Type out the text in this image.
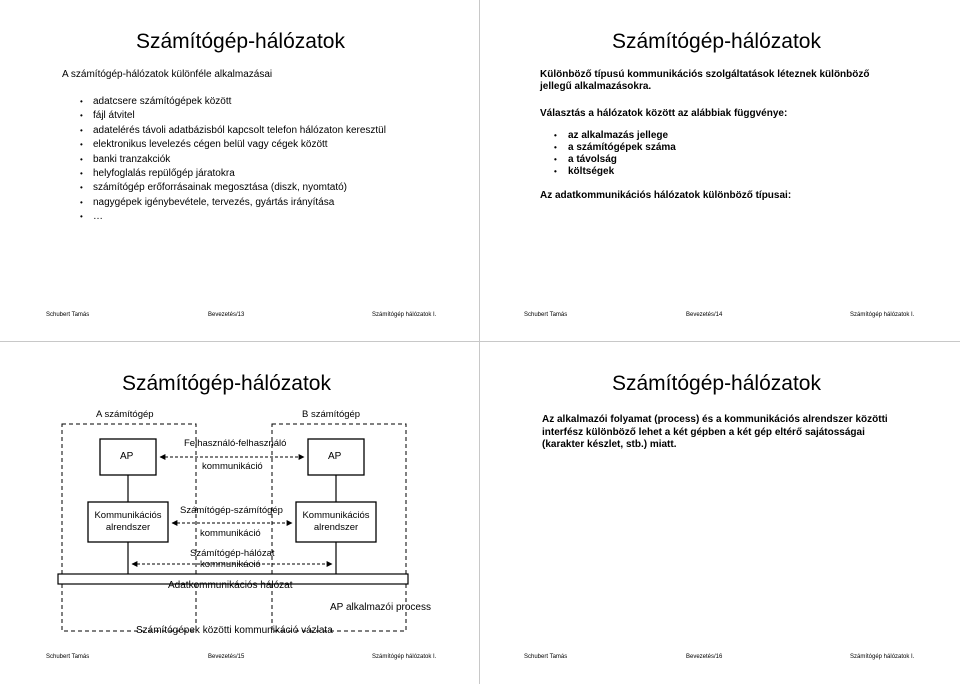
Számítógép-hálózatok
A számítógép-hálózatok különféle alkalmazásai
• adatcsere számítógépek között
• fájl átvitel
• adatelérés távoli adatbázisból kapcsolt telefon hálózaton keresztül
• elektronikus levelezés cégen belül vagy cégek között
• banki tranzakciók
• helyfoglalás repülőgép járatokra
• számítógép erőforrásainak megosztása (diszk, nyomtató)
• nagygépek igénybevétele, tervezés, gyártás irányítása
• …
Schubert Tamás	Bevezetés/13	Számítógép hálózatok I.
Számítógép-hálózatok
Különböző típusú kommunikációs szolgáltatások léteznek különböző jellegű alkalmazásokra.
Választás a hálózatok között az alábbiak függvénye:
• az alkalmazás jellege
• a számítógépek száma
• a távolság
• költségek
Az adatkommunikációs hálózatok különböző típusai:
Schubert Tamás	Bevezetés/14	Számítógép hálózatok I.
Számítógép-hálózatok
A számítógép	B számítógép
AP	AP
Felhasználó-felhasználó
kommunikáció
Kommunikációs
alrendszer
Kommunikációs
alrendszer
Számítógép-számítógép
kommunikáció
Számítógép-hálózat
kommunikáció
Adatkommunikációs hálózat
AP alkalmazói process
Számítógépek közötti kommunikáció vázlata
Schubert Tamás	Bevezetés/15	Számítógép hálózatok I.
Számítógép-hálózatok
Az alkalmazói folyamat (process) és a kommunikációs alrendszer közötti interfész különböző lehet a két gépben a két gép eltérő sajátosságai (karakter készlet, stb.) miatt.
Schubert Tamás	Bevezetés/16	Számítógép hálózatok I.
